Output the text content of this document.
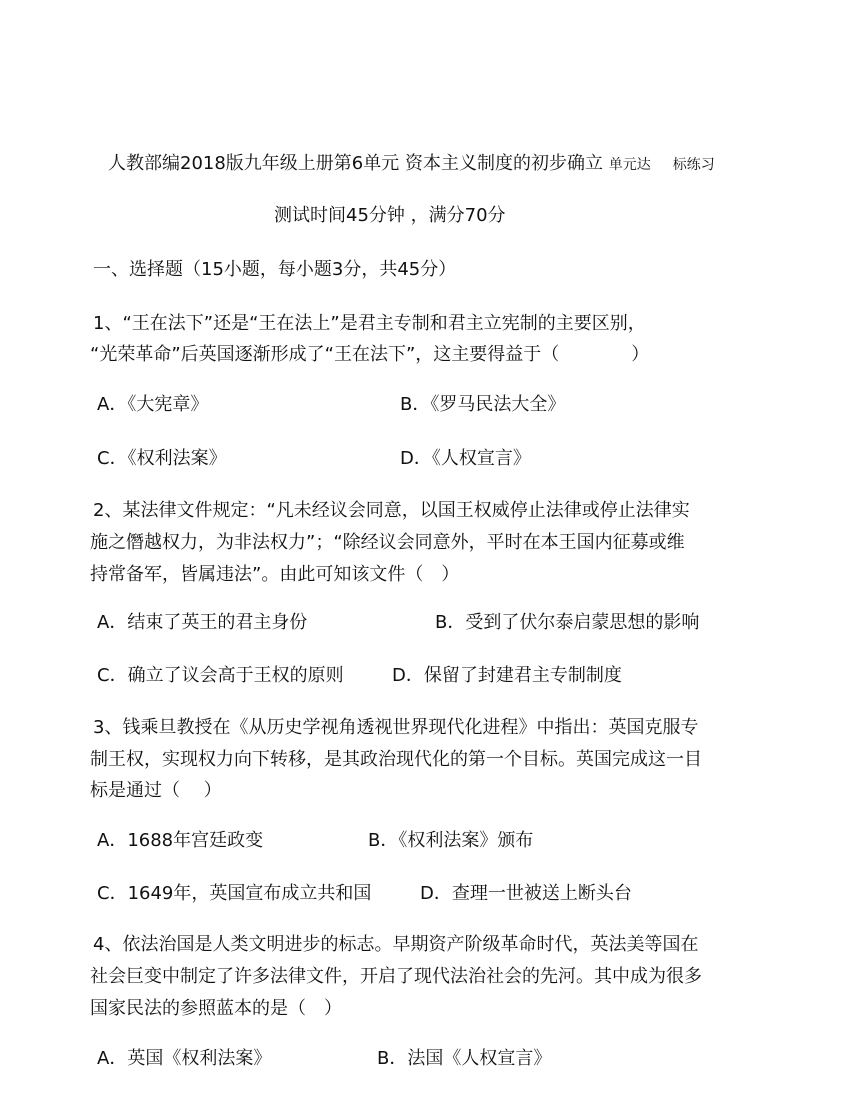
人教部编2018版九年级上册第6单元 资本主义制度的初步确立 单元达 标练习
测试时间45分钟 ，满分70分
一、选择题（15小题，每小题3分，共45分）
1、“王在法下”还是“王在法上”是君主专制和君主立宪制的主要区别，
“光荣革命”后英国逐渐形成了“王在法下”，这主要得益于（　　　　）
A．《大宪章》	B．《罗马民法大全》
C．《权利法案》	D．《人权宣言》
2、某法律文件规定：“凡未经议会同意，以国王权威停止法律或停止法律实
施之僭越权力，为非法权力”；“除经议会同意外，平时在本王国内征募或维
持常备军，皆属违法”。由此可知该文件（　）
A．结束了英王的君主身份	B．受到了伏尔泰启蒙思想的影响
C．确立了议会高于王权的原则	D．保留了封建君主专制制度
3、钱乘旦教授在《从历史学视角透视世界现代化进程》中指出：英国克服专
制王权，实现权力向下转移，是其政治现代化的第一个目标。英国完成这一目
标是通过（　 ）
A．1688年宫廷政变	B．《权利法案》颁布
C．1649年，英国宣布成立共和国	D．查理一世被送上断头台
4、依法治国是人类文明进步的标志。早期资产阶级革命时代，英法美等国在
社会巨变中制定了许多法律文件，开启了现代法治社会的先河。其中成为很多
国家民法的参照蓝本的是（　）
A．英国《权利法案》	B．法国《人权宣言》
